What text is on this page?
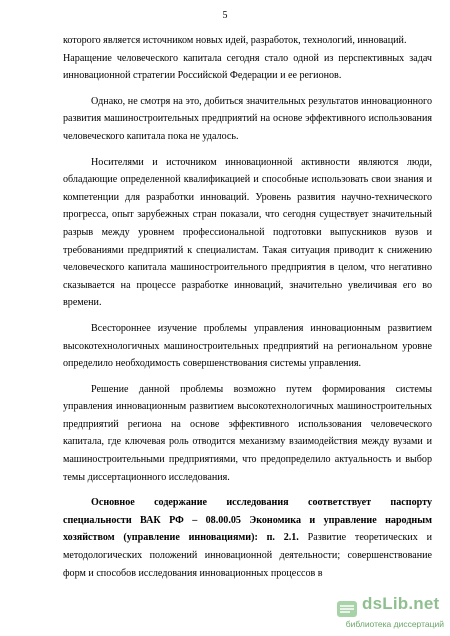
5

которого является источником новых идей, разработок, технологий, инноваций.

Наращение человеческого капитала сегодня стало одной из перспективных задач инновационной стратегии Российской Федерации и ее регионов.

Однако, не смотря на это, добиться значительных результатов инновационного развития машиностроительных предприятий на основе эффективного использования человеческого капитала пока не удалось.

Носителями и источником инновационной активности являются люди, обладающие определенной квалификацией и способные использовать свои знания и компетенции для разработки инноваций. Уровень развития научно-технического прогресса, опыт зарубежных стран показали, что сегодня существует значительный разрыв между уровнем профессиональной подготовки выпускников вузов и требованиями предприятий к специалистам. Такая ситуация приводит к снижению человеческого капитала машиностроительного предприятия в целом, что негативно сказывается на процессе разработке инноваций, значительно увеличивая его во времени.

Всестороннее изучение проблемы управления инновационным развитием высокотехнологичных машиностроительных предприятий на региональном уровне определило необходимость совершенствования системы управления.

Решение данной проблемы возможно путем формирования системы управления инновационным развитием высокотехнологичных машиностроительных предприятий региона на основе эффективного использования человеческого капитала, где ключевая роль отводится механизму взаимодействия между вузами и машиностроительными предприятиями, что предопределило актуальность и выбор темы диссертационного исследования.

Основное содержание исследования соответствует паспорту специальности ВАК РФ – 08.00.05 Экономика и управление народным хозяйством (управление инновациями): п. 2.1. Развитие теоретических и методологических положений инновационной деятельности; совершенствование форм и способов исследования инновационных процессов в

dsLib.net
библиотека диссертаций
